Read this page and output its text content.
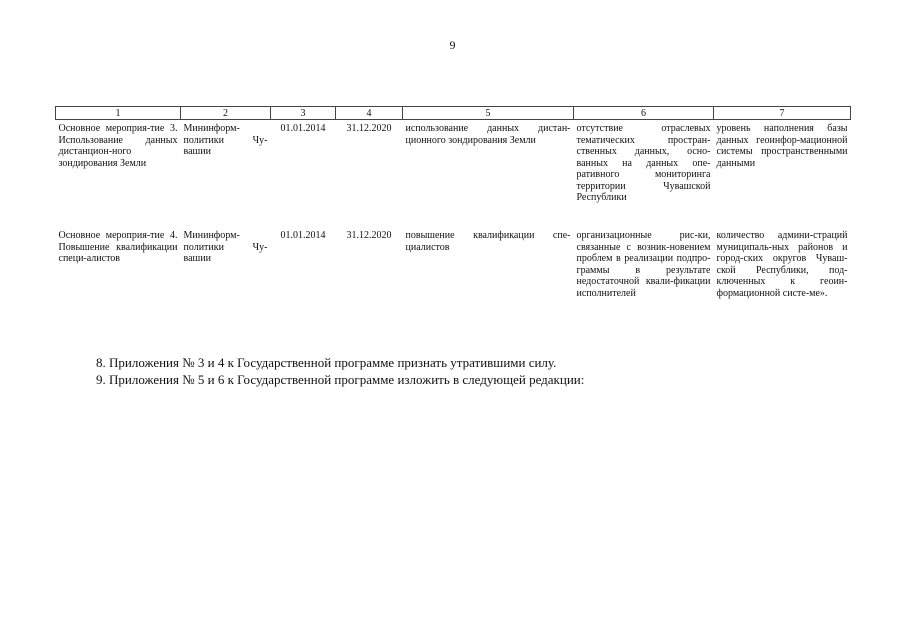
9
1	2	3	4	5	6	7
Основное мероприя-тие 3. Использование данных дистанцион-ного зондирования Земли	Мининформ-политики Чу-вашии	01.01.2014	31.12.2020	использование данных дистан-ционного зондирования Земли	отсутствие отраслевых тематических простран-ственных данных, осно-ванных на данных опе-ративного мониторинга территории Чувашской Республики	уровень наполнения базы данных геоинфор-мационной системы пространственными данными
Основное мероприя-тие 4. Повышение квалификации специ-алистов	Мининформ-политики Чу-вашии	01.01.2014	31.12.2020	повышение квалификации спе-циалистов	организационные рис-ки, связанные с возник-новением проблем в реализации подпро-граммы в результате недостаточной квали-фикации исполнителей	количество админи-страций муниципаль-ных районов и город-ских округов Чуваш-ской Республики, под-ключенных к геоин-формационной систе-ме».
8. Приложения № 3 и 4 к Государственной программе признать утратившими силу.
9. Приложения № 5 и 6 к Государственной программе изложить в следующей редакции:
